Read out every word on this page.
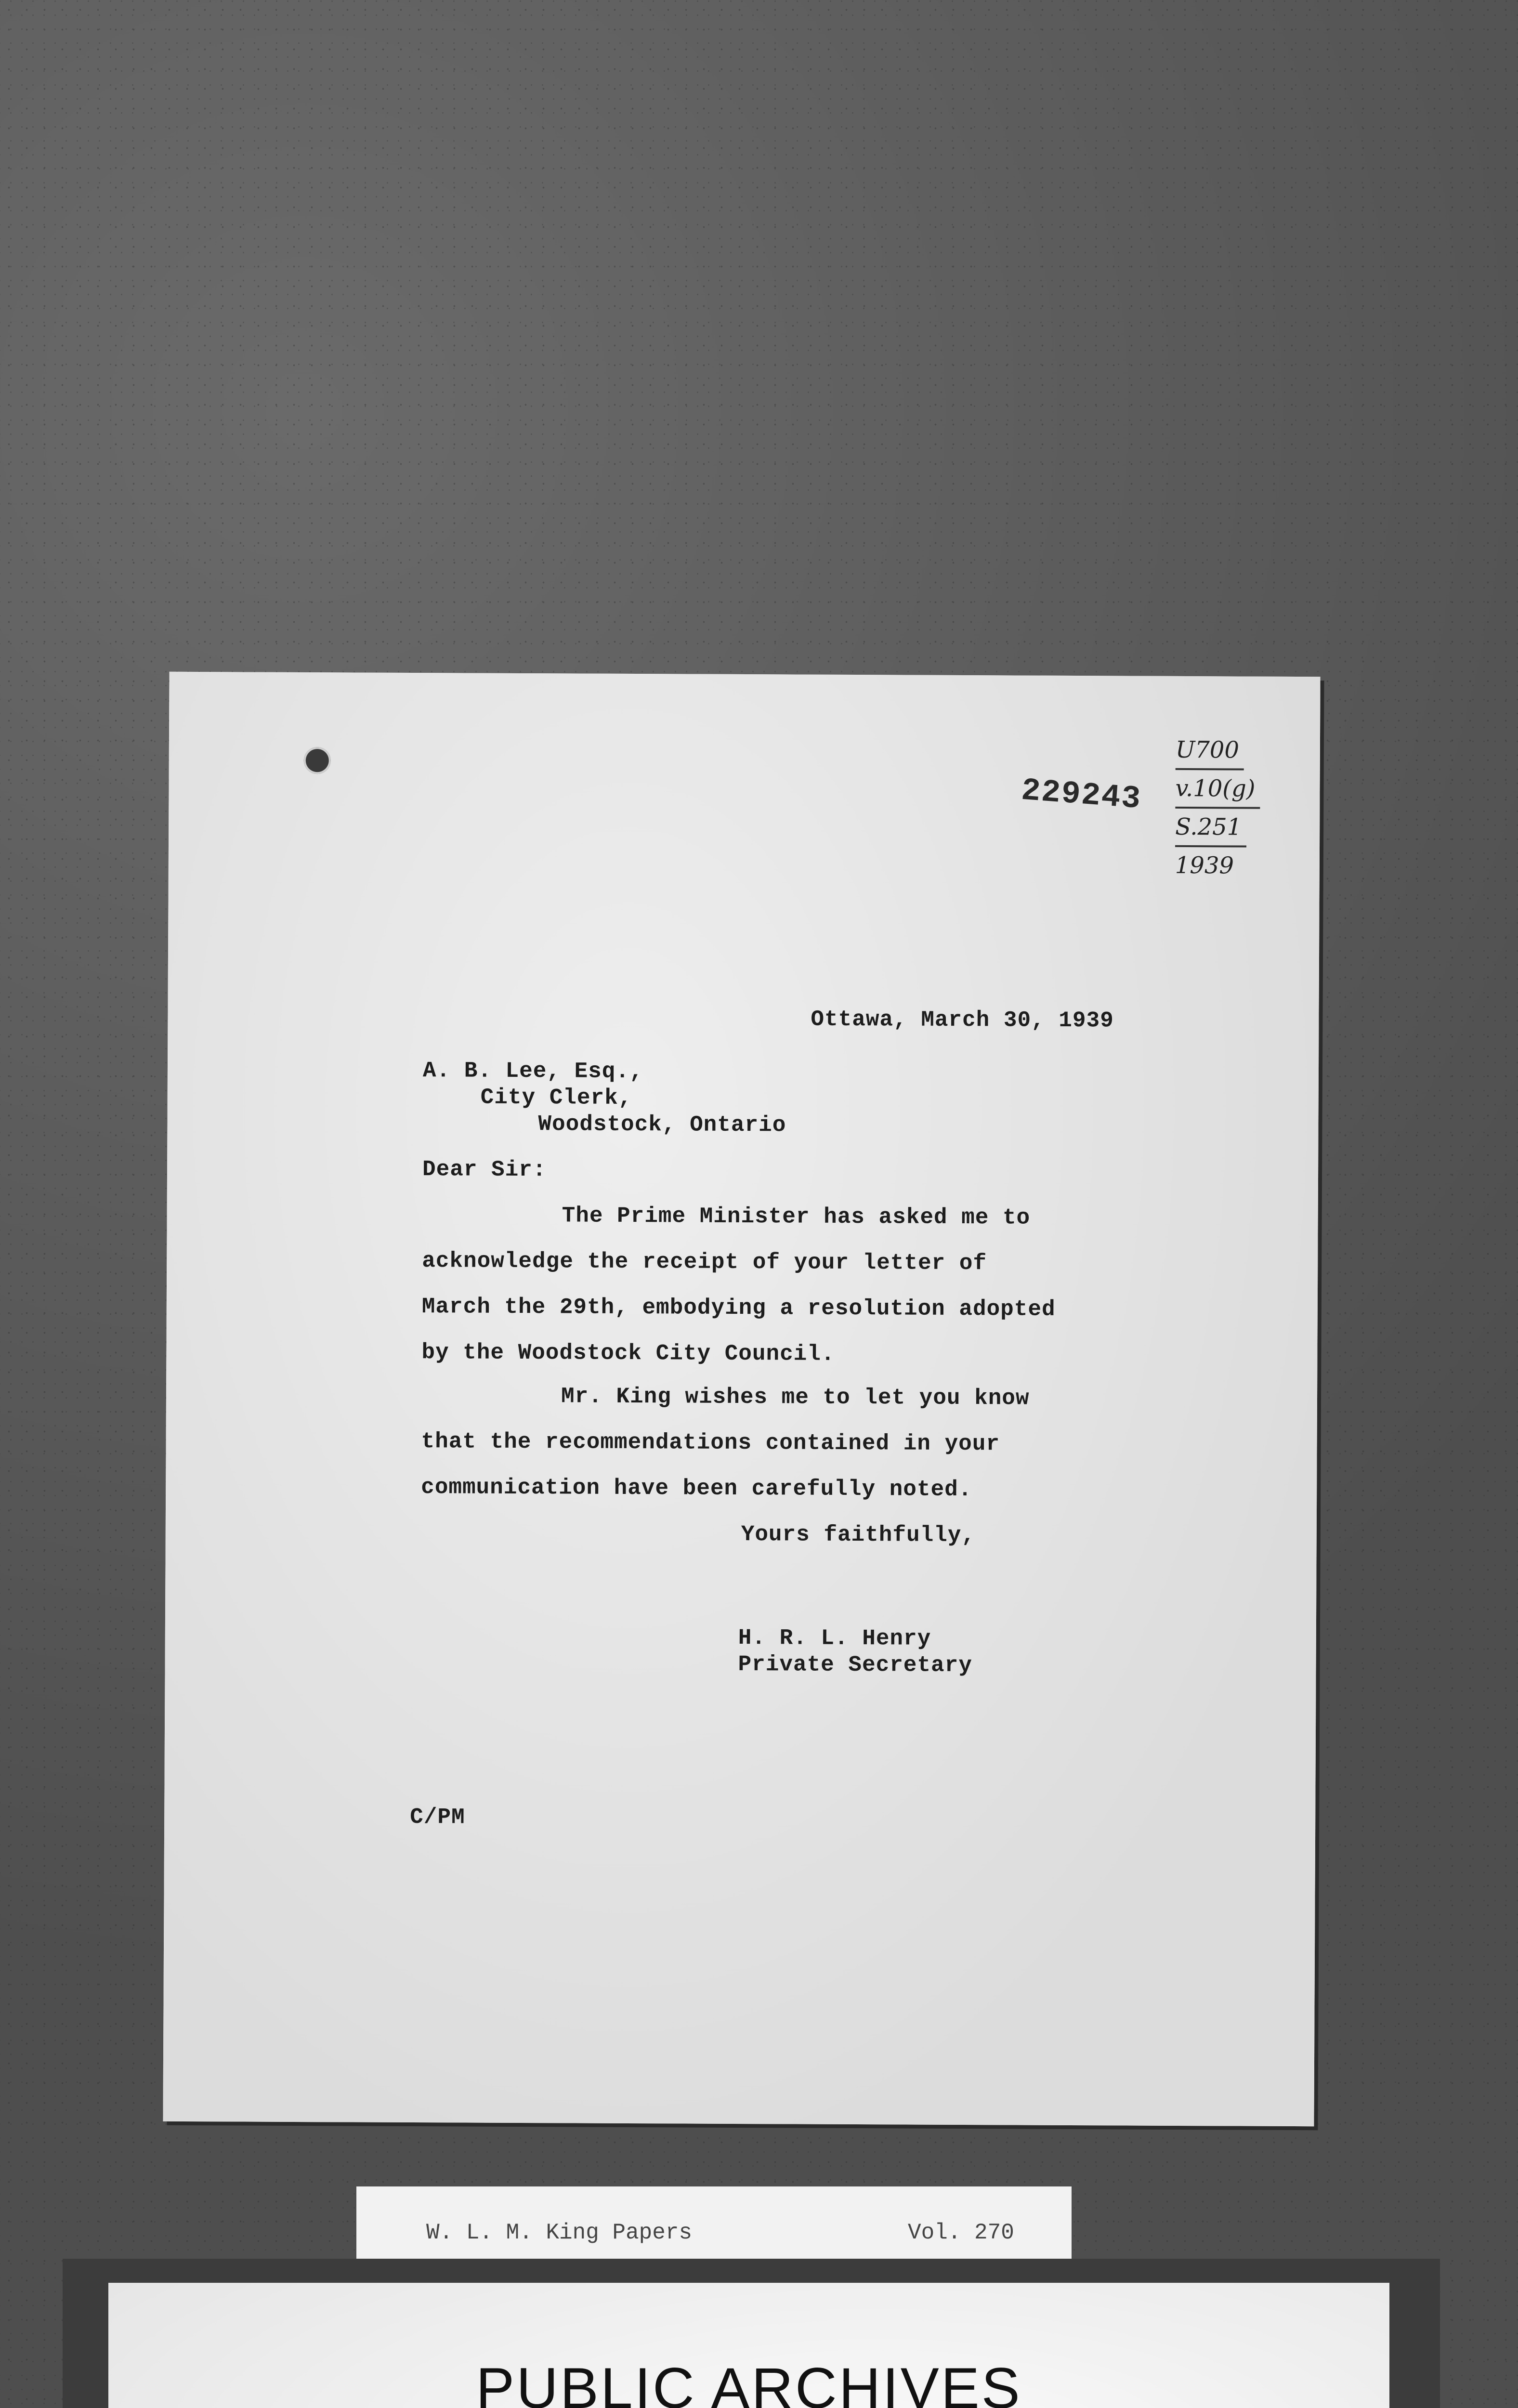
229243
U700
v.10(g)
S.251
1939
Ottawa, March 30, 1939
A. B. Lee, Esq.,
City Clerk,
Woodstock, Ontario
Dear Sir:
The Prime Minister has asked me to
acknowledge the receipt of your letter of
March the 29th, embodying a resolution adopted
by the Woodstock City Council.
Mr. King wishes me to let you know
that the recommendations contained in your
communication have been carefully noted.
Yours faithfully,
H. R. L. Henry
Private Secretary
C/PM
W. L. M. King Papers	Vol. 270
PUBLIC ARCHIVES
